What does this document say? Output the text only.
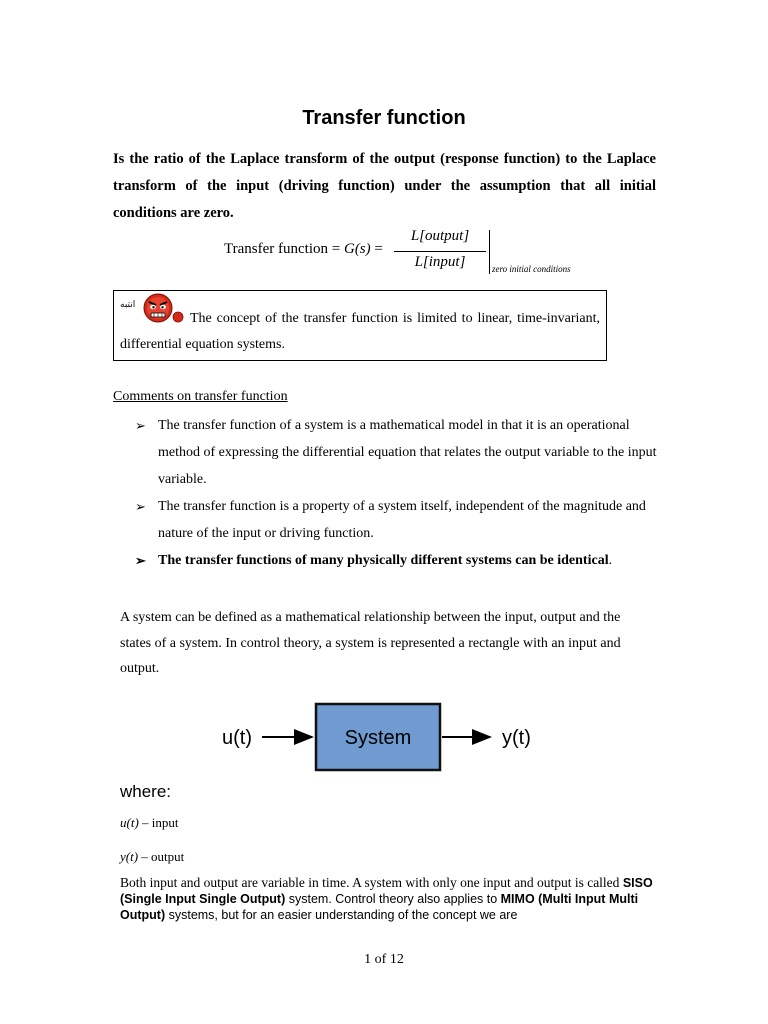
Transfer function
Is the ratio of the Laplace transform of the output (response function) to the Laplace transform of the input (driving function) under the assumption that all initial conditions are zero.
Transfer function = G(s) =
L[output]
L[input]	zero initial conditions
انتبه
The concept of the transfer function is limited to linear, time-invariant, differential equation systems.
Comments on transfer function
➢ The transfer function of a system is a mathematical model in that it is an operational method of expressing the differential equation that relates the output variable to the input variable.
➢ The transfer function is a property of a system itself, independent of the magnitude and nature of the input or driving function.
➢ The transfer functions of many physically different systems can be identical.
A system can be defined as a mathematical relationship between the input, output and the states of a system. In control theory, a system is represented a rectangle with an input and output.
u(t)	System	y(t)
where:
u(t) – input
y(t) – output
Both input and output are variable in time. A system with only one input and output is called SISO (Single Input Single Output) system. Control theory also applies to MIMO (Multi Input Multi Output) systems, but for an easier understanding of the concept we are
1 of 12
